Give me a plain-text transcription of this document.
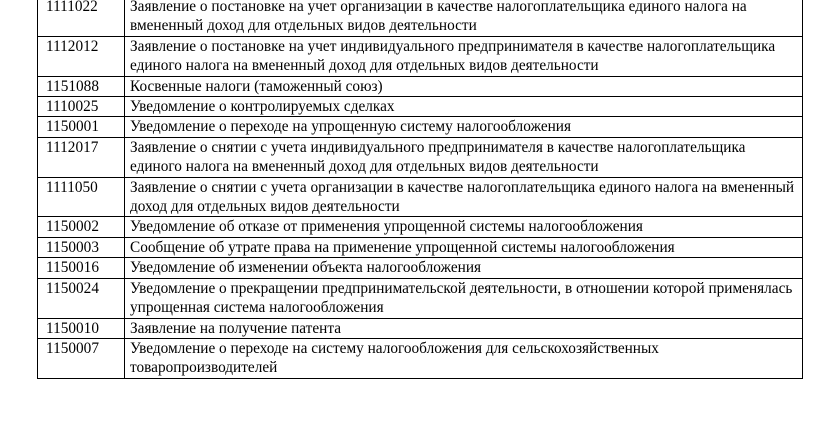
1111022	Заявление о постановке на учет организации в качестве налогоплательщика единого налога на вмененный доход для отдельных видов деятельности
1112012	Заявление о постановке на учет индивидуального предпринимателя в качестве налогоплательщика единого налога на вмененный доход для отдельных видов деятельности
1151088	Косвенные налоги (таможенный союз)
1110025	Уведомление о контролируемых сделках
1150001	Уведомление о переходе на упрощенную систему налогообложения
1112017	Заявление о снятии с учета индивидуального предпринимателя в качестве налогоплательщика единого налога на вмененный доход для отдельных видов деятельности
1111050	Заявление о снятии с учета организации в качестве налогоплательщика единого налога на вмененный доход для отдельных видов деятельности
1150002	Уведомление об отказе от применения упрощенной системы налогообложения
1150003	Сообщение об утрате права на применение упрощенной системы налогообложения
1150016	Уведомление об изменении объекта налогообложения
1150024	Уведомление о прекращении предпринимательской деятельности, в отношении которой применялась упрощенная система налогообложения
1150010	Заявление на получение патента
1150007	Уведомление о переходе на систему налогообложения для сельскохозяйственных товаропроизводителей
